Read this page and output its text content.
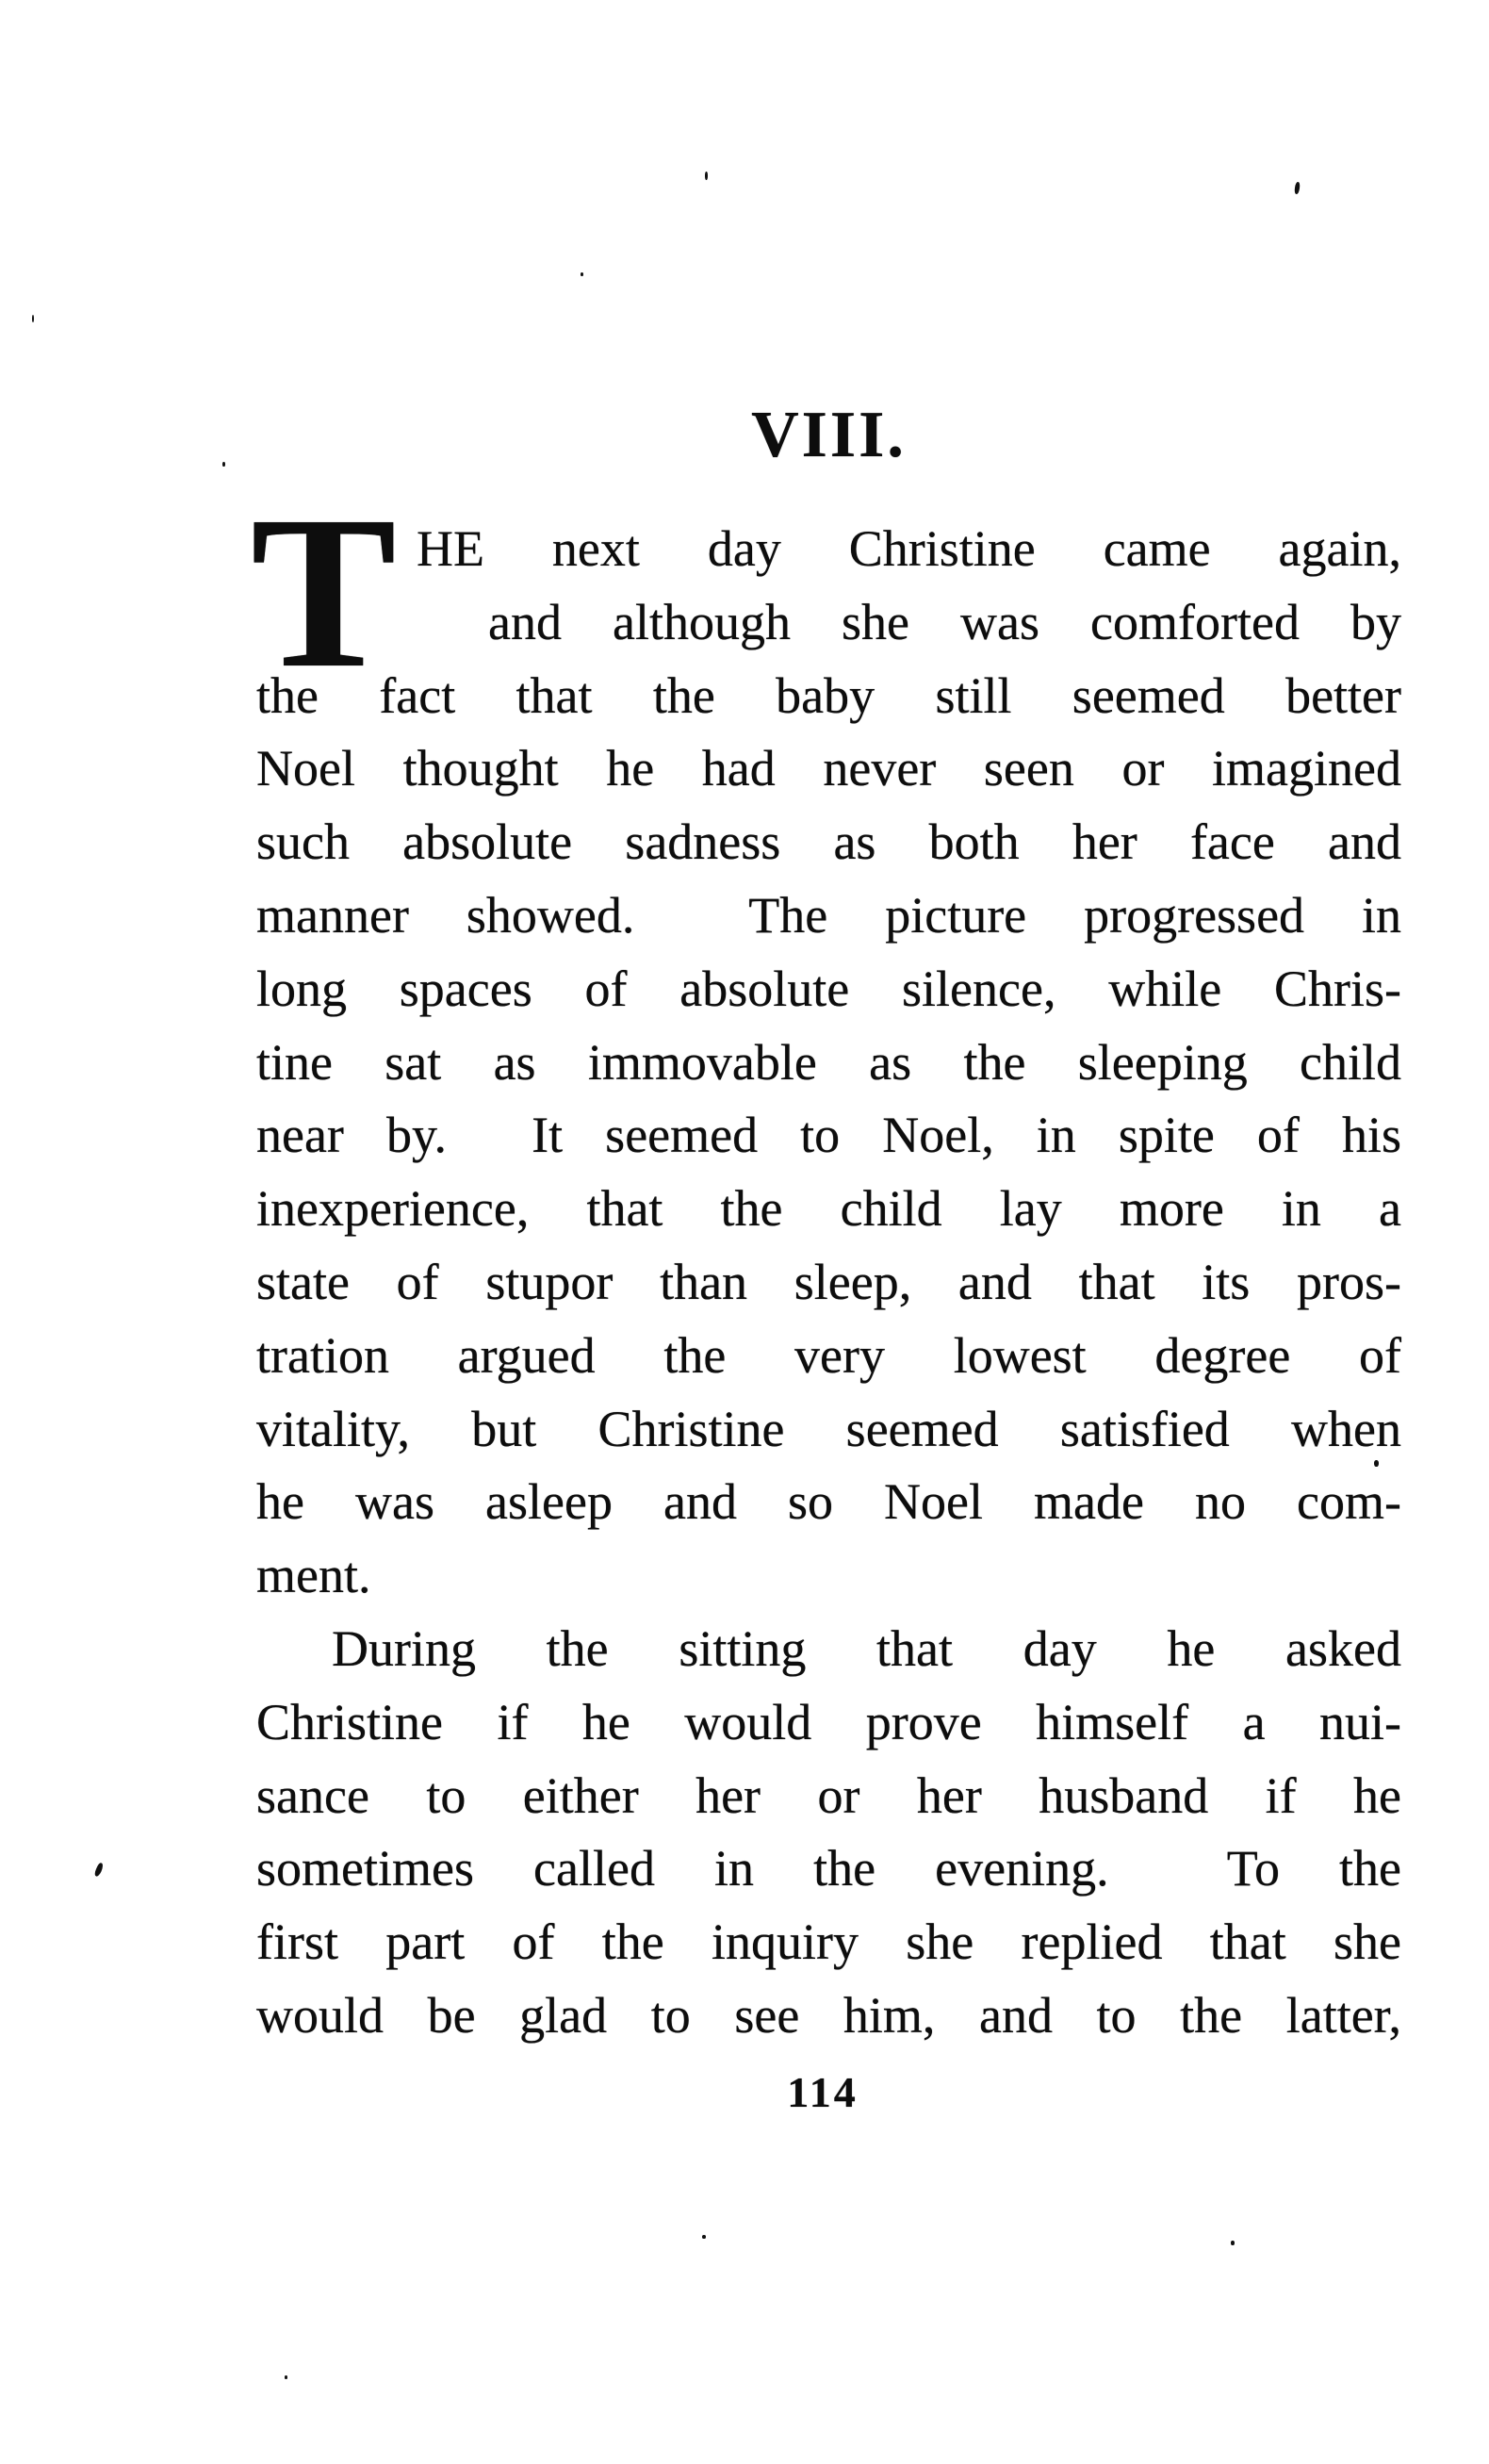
VIII.
T HE next day Christine came again,
and although she was comforted by
the fact that the baby still seemed better
Noel thought he had never seen or imagined
such absolute sadness as both her face and
manner showed.  The picture progressed in
long spaces of absolute silence, while Chris-
tine sat as immovable as the sleeping child
near by.  It seemed to Noel, in spite of his
inexperience, that the child lay more in a
state of stupor than sleep, and that its pros-
tration argued the very lowest degree of
vitality, but Christine seemed satisfied when
he was asleep and so Noel made no com-
ment.
During the sitting that day he asked
Christine if he would prove himself a nui-
sance to either her or her husband if he
sometimes called in the evening.  To the
first part of the inquiry she replied that she
would be glad to see him, and to the latter,
114
